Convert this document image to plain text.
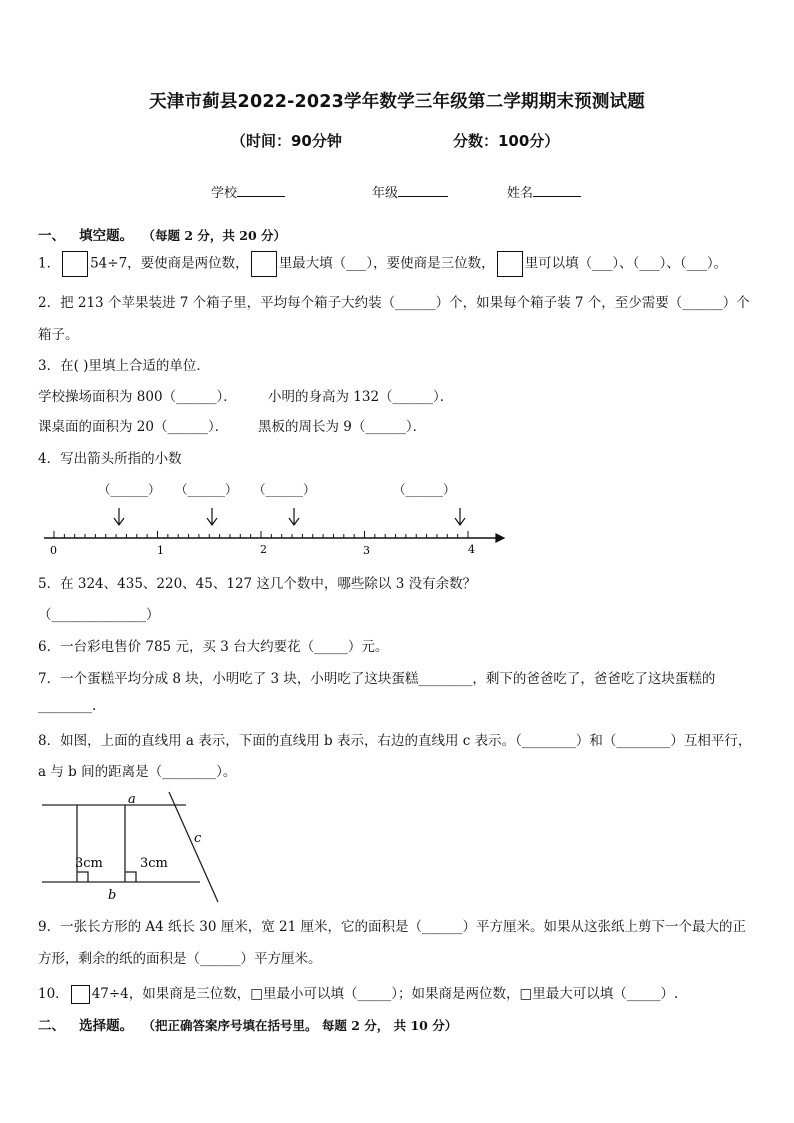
天津市蓟县2022-2023学年数学三年级第二学期期末预测试题
（时间：90分钟	分数：100分）
学校	年级	姓名
一、 填空题。 （每题 2 分，共 20 分）
1． 54÷7，要使商是两位数， 里最大填（___），要使商是三位数， 里可以填（___）、（___）、（___）。
2．把 213 个苹果装进 7 个箱子里，平均每个箱子大约装（______）个，如果每个箱子装 7 个，至少需要（______）个
箱子。
3．在( )里填上合适的单位．
学校操场面积为 800（______）． 小明的身高为 132（______）．
课桌面的面积为 20（______）． 黑板的周长为 9（______）．
4．写出箭头所指的小数
（______） （______） （______）	（______）
0	1	2	3	4
5．在 324、435、220、45、127 这几个数中，哪些除以 3 没有余数？
（______________）
6．一台彩电售价 785 元，买 3 台大约要花（_____）元。
7．一个蛋糕平均分成 8 块，小明吃了 3 块，小明吃了这块蛋糕________，剩下的爸爸吃了，爸爸吃了这块蛋糕的
________.
8．如图，上面的直线用 a 表示，下面的直线用 b 表示，右边的直线用 c 表示。（________）和（________）互相平行，
a 与 b 间的距离是（________）。
a
b
c
3cm	3cm
9．一张长方形的 A4 纸长 30 厘米，宽 21 厘米，它的面积是（______）平方厘米。如果从这张纸上剪下一个最大的正
方形，剩余的纸的面积是（______）平方厘米。
10． 47÷4，如果商是三位数，□里最小可以填（_____）；如果商是两位数，□里最大可以填（_____）.
二、 选择题。 （把正确答案序号填在括号里。 每题 2 分， 共 10 分）
